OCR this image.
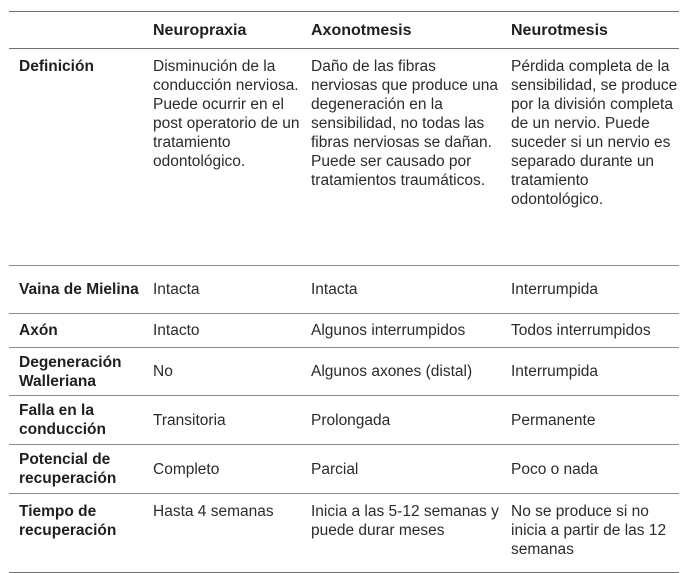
	Neuropraxia	Axonotmesis	Neurotmesis
Definición	Disminución de la conducción nerviosa. Puede ocurrir en el post operatorio de un tratamiento odontológico.	Daño de las fibras nerviosas que produce una degeneración en la sensibilidad, no todas las fibras nerviosas se dañan. Puede ser causado por tratamientos traumáticos.	Pérdida completa de la sensibilidad, se produce por la división completa de un nervio. Puede suceder si un nervio es separado durante un tratamiento odontológico.
Vaina de Mielina	Intacta	Intacta	Interrumpida
Axón	Intacto	Algunos interrumpidos	Todos interrumpidos
Degeneración Walleriana	No	Algunos axones (distal)	Interrumpida
Falla en la conducción	Transitoria	Prolongada	Permanente
Potencial de recuperación	Completo	Parcial	Poco o nada
Tiempo de recuperación	Hasta 4 semanas	Inicia a las 5-12 semanas y puede durar meses	No se produce si no inicia a partir de las 12 semanas
